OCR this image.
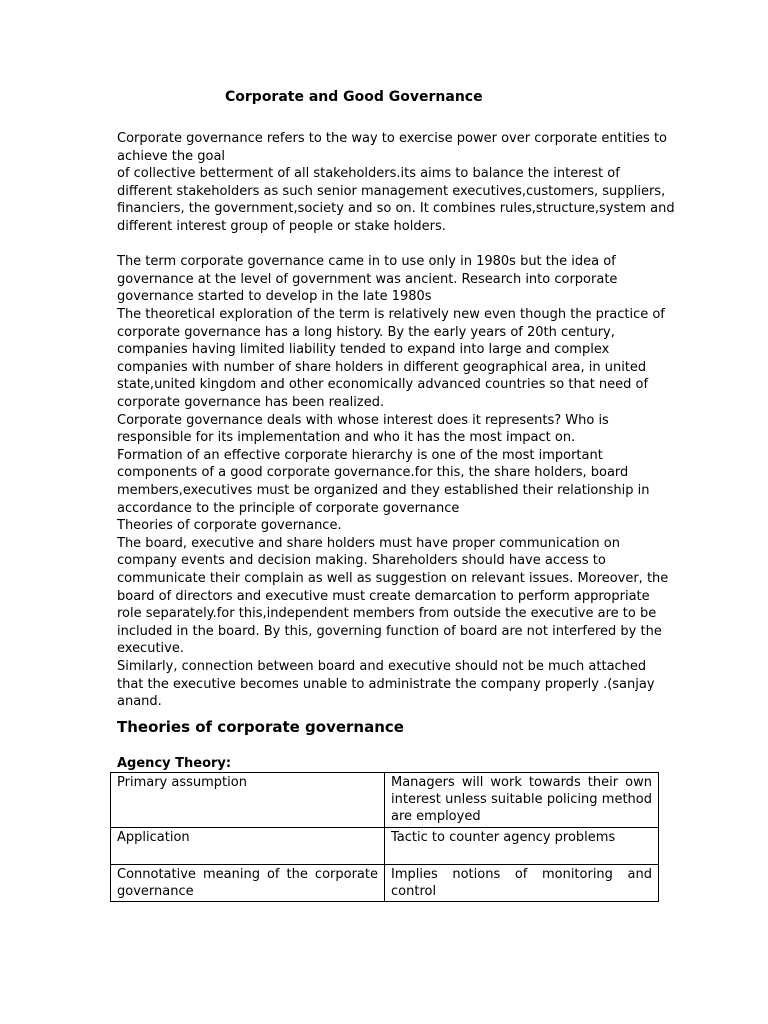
Corporate and Good Governance

Corporate governance refers to the way to exercise power over corporate entities to

achieve the goal

of collective betterment of all stakeholders.its aims to balance the interest of

different stakeholders as such senior management executives,customers, suppliers,

financiers, the government,society and so on. It combines rules,structure,system and

different interest group of people or stake holders.

The term corporate governance came in to use only in 1980s but the idea of

governance at the level of government was ancient. Research into corporate

governance started to develop in the late 1980s

The theoretical exploration of the term is relatively new even though the practice of

corporate governance has a long history. By the early years of 20th century,

companies having limited liability tended to expand into large and complex

companies with number of share holders in different geographical area, in united

state,united kingdom and other economically advanced countries so that need of

corporate governance has been realized.

Corporate governance deals with whose interest does it represents? Who is

responsible for its implementation and who it has the most impact on.

Formation of an effective corporate hierarchy is one of the most important

components of a good corporate governance.for this, the share holders, board

members,executives must be organized and they established their relationship in

accordance to the principle of corporate governance

Theories of corporate governance.

The board, executive and share holders must have proper communication on

company events and decision making. Shareholders should have access to

communicate their complain as well as suggestion on relevant issues. Moreover, the

board of directors and executive must create demarcation to perform appropriate

role separately.for this,independent members from outside the executive are to be

included in the board. By this, governing function of board are not interfered by the

executive.

Similarly, connection between board and executive should not be much attached

that the executive becomes unable to administrate the company properly .(sanjay

anand.

Theories of corporate governance

Agency Theory:

Primary assumption	Managers will work towards their own interest unless suitable policing method are employed
Application	Tactic to counter agency problems
Connotative meaning of the corporate governance	Implies notions of monitoring and control
